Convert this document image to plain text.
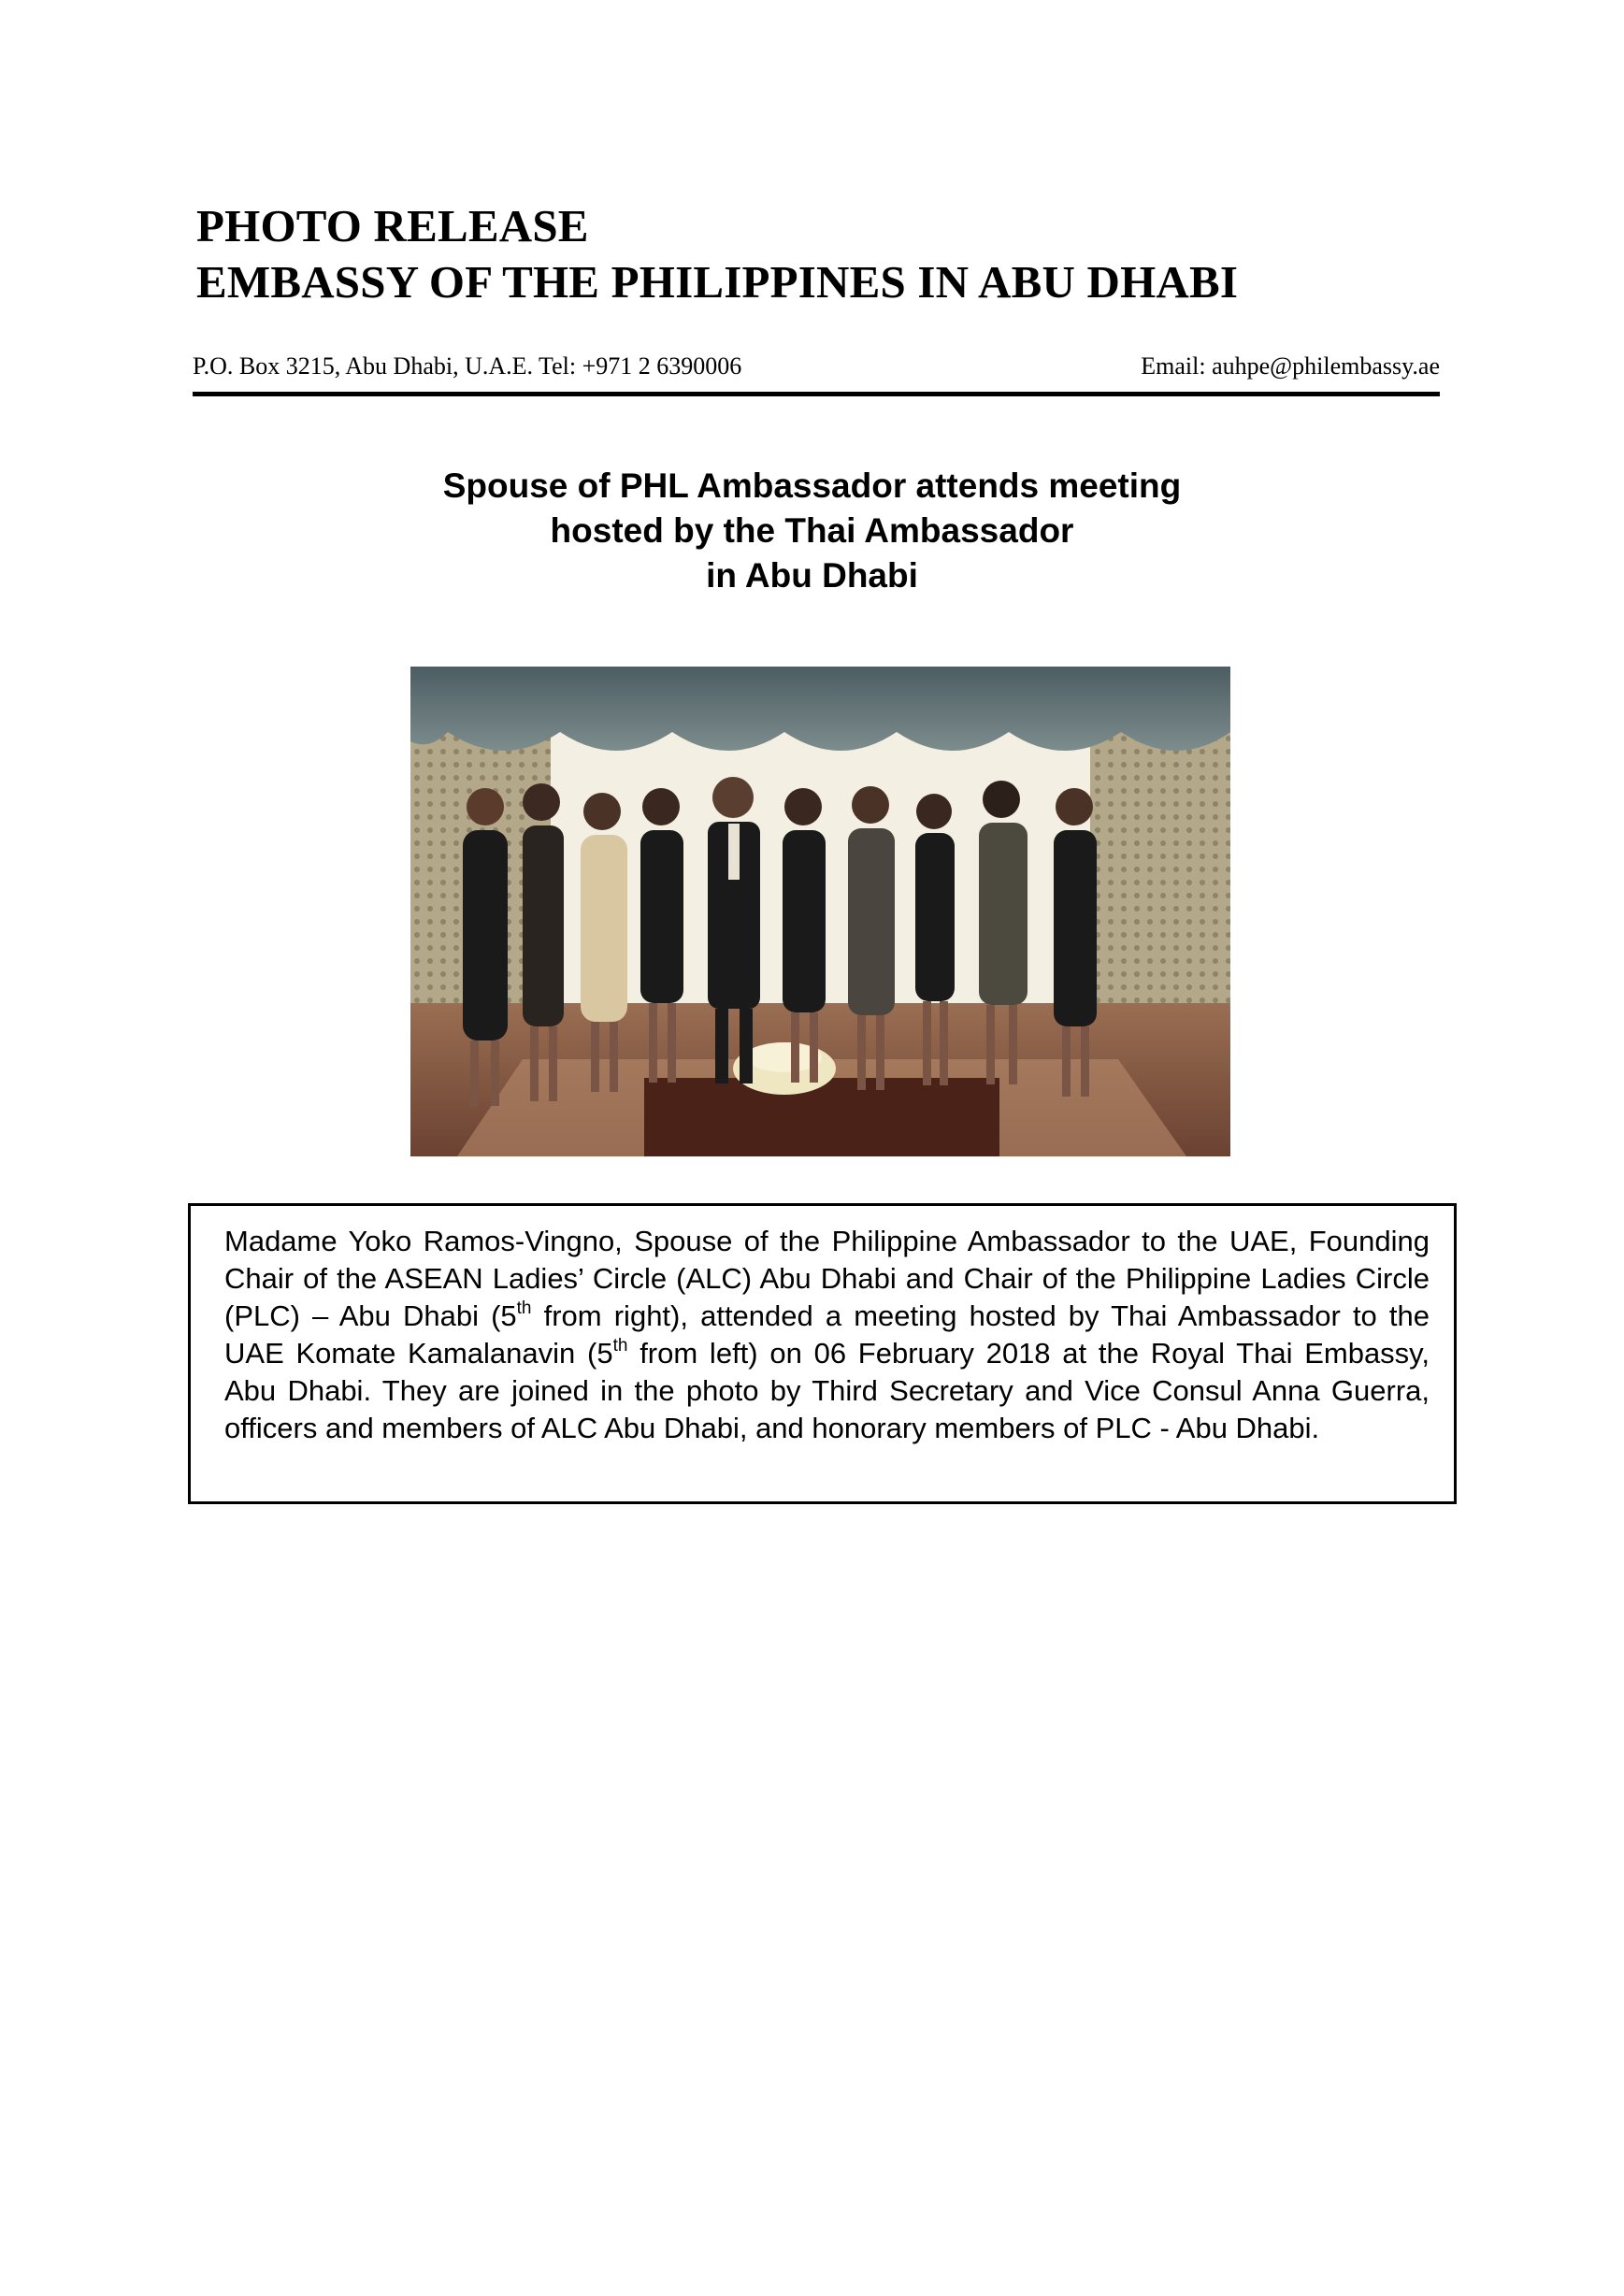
PHOTO RELEASE
EMBASSY OF THE PHILIPPINES IN ABU DHABI
P.O. Box 3215, Abu Dhabi, U.A.E. Tel: +971 2 6390006	Email: auhpe@philembassy.ae
Spouse of PHL Ambassador attends meeting
hosted by the Thai Ambassador
in Abu Dhabi
Madame Yoko Ramos-Vingno, Spouse of the Philippine Ambassador to the UAE, Founding Chair of the ASEAN Ladies’ Circle (ALC) Abu Dhabi and Chair of the Philippine Ladies Circle (PLC) – Abu Dhabi (5th from right), attended a meeting hosted by Thai Ambassador to the UAE Komate Kamalanavin (5th from left) on 06 February 2018 at the Royal Thai Embassy, Abu Dhabi. They are joined in the photo by Third Secretary and Vice Consul Anna Guerra, officers and members of ALC Abu Dhabi, and honorary members of PLC - Abu Dhabi.
